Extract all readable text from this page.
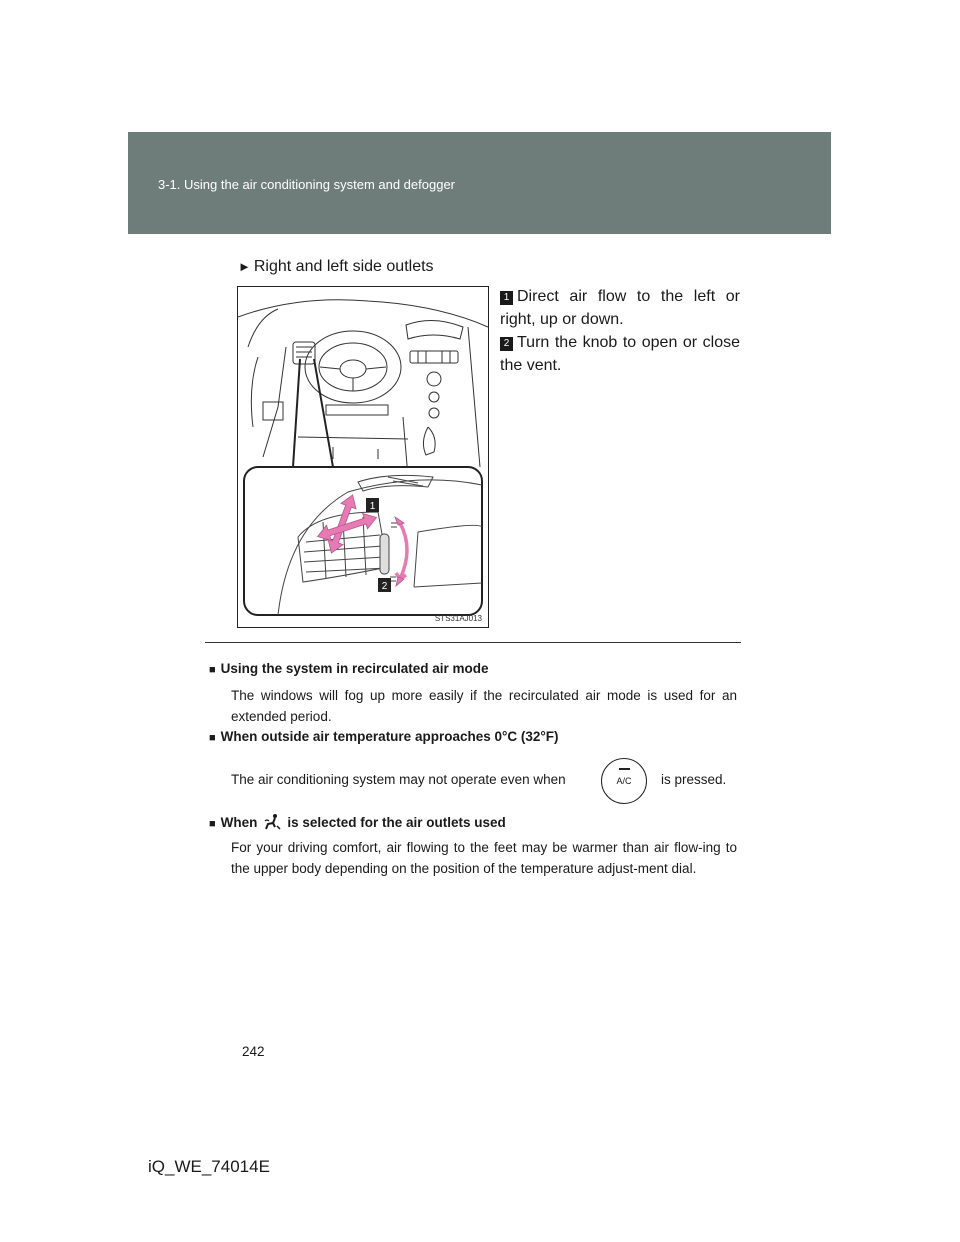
3-1. Using the air conditioning system and defogger
► Right and left side outlets
1
2
STS31AJ013
1 Direct air flow to the left or right, up or down.
2 Turn the knob to open or close the vent.
■ Using the system in recirculated air mode
The windows will fog up more easily if the recirculated air mode is used for an extended period.
■ When outside air temperature approaches 0°C (32°F)
The air conditioning system may not operate even when	A/C	is pressed.
■ When is selected for the air outlets used
For your driving comfort, air flowing to the feet may be warmer than air flow-ing to the upper body depending on the position of the temperature adjust-ment dial.
242
iQ_WE_74014E
